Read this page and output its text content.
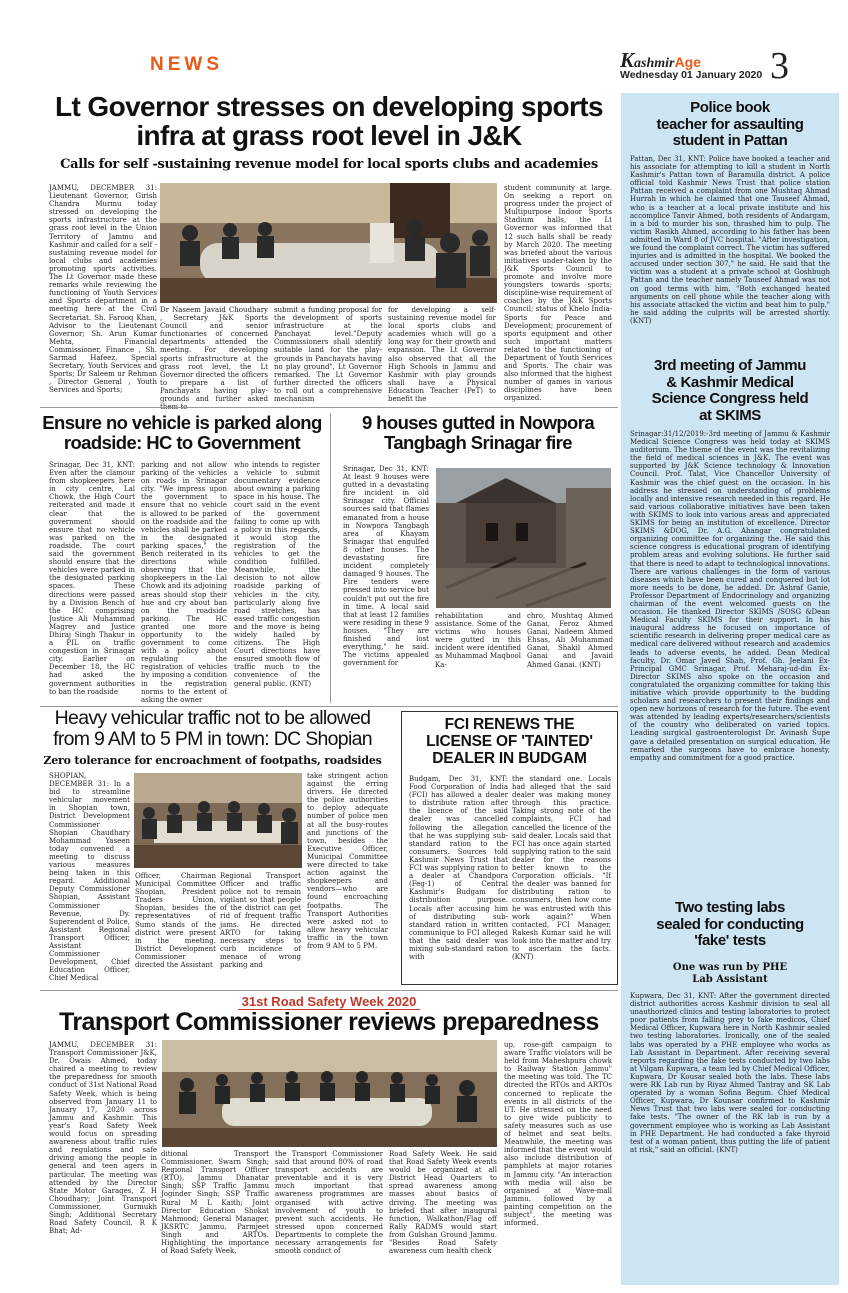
NEWS	KashmirAge
Wednesday 01 January 2020 3
Lt Governor stresses on developing sports
infra at grass root level in J&K
Calls for self -sustaining revenue model for local sports clubs and academies
JAMMU, DECEMBER 31: Lieutenant Governor, Girish Chandra Murmu today stressed on developing the sports infrastructure at the grass root level in the Union Territory of Jammu and Kashmir and called for a self -sustaining revenue model for local clubs and academies promoting sports activities. The Lt Governor made these remarks while reviewing the functioning of Youth Services and Sports department in a meeting here at the Civil Secretariat. Sh. Farooq Khan, Advisor to the Lieutenant Governor; Sh. Arun Kumar Mehta, Financial Commissioner, Finance , Sh. Sarmad Hafeez, Special Secretary, Youth Services and Sports; Dr Saleem ur Rehman , Director General , Youth Services and Sports;
Dr Naseem Javaid Choudhary , Secretary J&K Sports Council and senior functionaries of concerned departments attended the meeting. For developing sports infrastructure at the grass root level, the Lt Governor directed the officers to prepare a list of Panchayats having play-grounds and further asked
submit a funding proposal for the development of sports infrastructure at the Panchayat level."Deputy Commissioners shall identify suitable land for the play-grounds in Panchayats having no play ground", Lt Governor remarked. The Lt Governor further directed the officers to roll out a comprehensive mechanism
for developing a self-sustaining revenue model for local sports clubs and academies which will go a long way for their growth and expansion. The Lt Governor also observed that all the High Schools in Jammu and Kashmir with play grounds shall have a Physical Education Teacher (PeT) to benefit the
student community at large. On seeking a report on progress under the project of Multipurpose Indoor Sports Stadium halls, the Lt Governor was informed that 12 such halls shall be ready by March 2020. The meeting was briefed about the various initiatives under-taken by the J&K Sports Council to promote and involve more youngsters towards sports; discipline-wise requirement of coaches by the J&K Sports Council; status of Khelo India- Sports for Peace and Development; procurement of sports equipment and other such important matters related to the functioning of Department of Youth Services and Sports. The chair was also informed that the highest number of games in various disciplines have been organized.
Ensure no vehicle is parked along
roadside: HC to Government
Srinagar, Dec 31, KNT: Even after the clamour from shopkeepers here in city centre, Lal Chowk, the High Court reiterated and made it clear that the government should ensure that no vehicle was parked on the roadside. The court said the government should ensure that the vehicles were parked in the designated parking spaces. These directions were passed by a Division Bench of the HC comprising Justice Ali Muhammad Magrey and Justice Dhiraj Singh Thakur in a PIL on traffic congestion in Srinagar city. Earlier on December 18, the HC had asked the government authorities to ban the roadside
parking and not allow parking of the vehicles on roads in Srinagar city. "We impress upon the government to ensure that no vehicle is allowed to be parked on the roadside and the vehicles shall be parked in the designated parking spaces," the Bench reiterated in its directions while observing that the shopkeepers in the Lal Chowk and its adjoining areas should stop their hue and cry about ban on the roadside parking. The HC granted one more opportunity to the government to come with a policy about regulating the registration of vehicles by imposing a condition in the registration norms to the extent of asking the owner
who intends to register a vehicle to submit documentary evidence about owning a parking space in his house. The court said in the event of the government failing to come up with a policy in this regards, it would stop the registration of the vehicles to get the condition fulfilled. Meanwhile, the decision to not allow roadside parking of vehicles in the city, particularly along five road stretches, has eased traffic congestion and the move is being widely hailed by citizens. The High Court directions have ensured smooth flow of traffic much to the convenience of the general public. (KNT)
9 houses gutted in Nowpora
Tangbagh Srinagar fire
Srinagar, Dec 31, KNT: At least 9 houses were gutted in a devastating fire incident in old Srinagar city. Official sources said that flames emanated from a house in Nowpora Tangbagh area of Khayam Srinagar that engulfed 8 other houses. The devastating fire incident completely damaged 9 houses. The Fire tenders were pressed into service but couldn't put out the fire in time. A local said that at least 12 families were residing in these 9 houses. "They are finished and lost everything," he said. The victims appealed government for
rehabilitation and assistance. Some of the victims who houses were gutted in this incident were identified as Muhammad Maqbool Ka-
chro, Mushtaq Ahmed Ganai, Feroz Ahmed Ganai, Nadeem Ahmed Ehsas, Ali Muhammad Ganai, Shakil Ahmed Ganai and Javaid Ahmed Ganai. (KNT)
Heavy vehicular traffic not to be allowed
from 9 AM to 5 PM in town: DC Shopian
Zero tolerance for encroachment of footpaths, roadsides
SHOPIAN, DECEMBER 31: In a bid to streamline vehicular movement in Shopian town, District Development Commissioner Shopian Chaudhary Mohammad Yaseen today convened a meeting to discuss various measures being taken in this regard. Additional Deputy Commissioner Shopian, Assistant Commissioner Revenue, Dy. Superendent of Police, Assistant Regional Transport Officer, Assistant Commissioner Development, Chief Education Officer, Chief Medical
Officer, Chairman Municipal Committee Shopian, President Traders Union, Shopian, besides the representatives of Sumo stands of the district were present in the meeting. District Development Commissioner directed the Assistant
Regional Transport Officer and traffic police not to remain vigilant so that people of the district can get rid of frequent traffic jams. He directed ARTO for taking necessary steps to curb incidence of menace of wrong parking and
take stringent action against the erring drivers. He directed the police authorities to deploy adequate number of police men at all the busy-routes and junctions of the town, besides the Executive Officer, Municipal Committee were directed to take action against the shopkeepers and vendors—who are found encroaching footpaths. The Transport Authorities were asked not to allow heavy vehicular traffic in the town from 9 AM to 5 PM.
FCI RENEWS THE
LICENSE OF 'TAINTED'
DEALER IN BUDGAM
Budgam, Dec 31, KNT: Food Corporation of India (FCI) has allowed a dealer to distribute ration after the licence of the said dealer was cancelled following the allegation that he was supplying sub-standard ration to the consumers. Sources told Kashmir News Trust that FCI was supplying ration to a dealer at Chandpora (Feg-1) of Central Kashmir's Budgam for distribution purpose. Locals after accusing him of distributing sub-standard ration in written communique to FCI alleged that the said dealer was mixing sub-standard ration with
the standard one. Locals had alleged that the said dealer was making money through this practice. Taking strong note of the complaints, FCI had cancelled the licence of the said dealer. Locals said that FCI has once again started supplying ration to the said dealer for the reasons better known to the Corporation officials. "If the dealer was banned for distributing ration to consumers, then how come he was entrusted with this work again?" When contacted, FCI Manager, Rakesh Kumar said he will look into the matter and try to ascertain the facts. (KNT)
31st Road Safety Week 2020
Transport Commissioner reviews preparedness
JAMMU, DECEMBER 31: Transport Commissioner J&K, Dr. Owais Ahmed, today chaired a meeting to review the preparedness for smooth conduct of 31st National Road Safety Week, which is being observed from January 11 to January 17, 2020 across Jammu and Kashmir. This year's Road Safety Week would focus on spreading awareness about traffic rules and regulations and safe driving among the people in general and teen agers in particular. The meeting was attended by the Director State Motor Garages, Z H Choudhary; Joint Transport Commissioner, Gurmukh Singh; Additional Secretary Road Safety Council, R K Bhat; Ad-
ditional Transport Commissioner, Swarn Singh; Regional Transport Officer (RTO), Jammu Dhanatar Singh; SSP Traffic Jammu Joginder Singh; SSP Traffic Rural M L Kaith; Joint Director Education Shokat Mahmood; General Manager, JKSRTC Jammu, Parmjeet Singh and ARTOs. Highlighting the importance of Road Safety Week,
the Transport Commissioner said that around 80% of road transport accidents are preventable and it is very much important that awareness programmes are organised with active involvement of youth to prevent such accidents. He stressed upon concerned Departments to complete the necessary arrangements for smooth conduct of
Road Safety Week. He said that Road Safety Week events would be organized at all District Head Quarters to spread awareness among masses about basics of driving. The meeting was briefed that after inaugural function, Walkathon/Flag off Rally RADMS would start from Gulshan Ground Jammu. "Besides Road Safety awareness cum health check
up, rose-gift campaign to aware Traffic violators will be held from Maheshpura chowk to Railway Station Jammu" the meeting was told. The TC directed the RTOs and ARTOs concerned to replicate the events in all districts of the UT. He stressed on the need to give wide publicity to safety measures such as use of helmet and seat belts. Meanwhile, the meeting was informed that the event would also include distribution of pamphlets at major rotaries in Jammu city. "An interaction with media will also be organised at Wave-mall Jammu, followed by a painting competition on the subject", the meeting was informed.
Police book
teacher for assaulting
student in Pattan
Pattan, Dec 31, KNT: Police have booked a teacher and his associate for attempting to kill a student in North Kashmir's Pattan town of Baramulla district. A police official told Kashmir News Trust that police station Pattan received a complaint from one Mushtaq Ahmad Hurrah in which he claimed that one Tauseef Ahmad, who is a teacher at a local private institute and his accomplice Tanvir Ahmed, both residents of Andargam, in a bid to murder his son, thrashed him to pulp. The victim Rasikh Ahmed, according to his father has been admitted in Ward 8 of JVC hospital. "After investigation, we found the complaint correct. The victim has suffered injuries and is admitted in the hospital. We booked the accused under section 307," he said. He said that the victim was a student at a private school at Goshbugh Pattan and the teacher namely Tauseef Ahmad was not on good terms with him. "Both exchanged heated arguments on cell phone while the teacher along with his associate attacked the victim and beat him to pulp," he said adding the culprits will be arrested shortly. (KNT)
3rd meeting of Jammu
& Kashmir Medical
Science Congress held
at SKIMS
Srinagar:31/12/2019:-3rd meeting of Jammu & Kashmir Medical Science Congress was held today at SKIMS auditorium. The theme of the event was the revitalizing the field of medical sciences in J&K. The event was supported by J&K Science technology & Innovation Council. Prof. Talat, Vice Chancellor University of Kashmir was the chief guest on the occasion. In his address he stressed on understanding of problems locally and intensive research needed in this regard. He said various collaborative initiatives have been taken with SKIMS to look into various areas and appreciated SKIMS for being an institution of excellence. Director SKIMS &DOG, Dr. A.G. Ahangar congratulated organizing committee for organizing the. He said this science congress is educational program of identifying problem areas and evolving solutions. He further said that there is need to adapt to technological innovations. There are various challenges in the form of various diseases which have been cured and conquered but lot more needs to be done, he added. Dr. Ashraf Ganie, Professor Department of Endocrinology and organizing chairman of the event welcomed guests on the occasion. He thanked Director SKIMS /SOSG &Dean Medical Faculty SKIMS for their support. In his inaugural address he focused on importance of scientific research in delivering proper medical care as medical care delivered without research and academics leads to adverse events, he added. Dean Medical faculty, Dr. Omar Javed Shah, Prof. Gh. Jeelani Ex-Principal GMC Srinagar, Prof. Meharaj-ud-din Ex-Director SKIMS also spoke on the occasion and congratulated the organizing committee for taking this initiative which provide opportunity to the budding scholars and researchers to present their findings and open new horizons of research for the future. The event was attended by leading experts/researchers/scientists of the country who deliberated on varied topics. Leading surgical gastroenterologist Dr. Avinash Supe gave a detailed presentation on surgical education. He remarked the surgeons have to embrace honesty, empathy and commitment for a good practice.
Two testing labs
sealed for conducting
'fake' tests
One was run by PHE
Lab Assistant
Kupwara, Dec 31, KNT: After the government directed district authorities across Kashmir division to seal all unauthorized clinics and testing laboratories to protect poor patients from falling prey to fake medicos, Chief Medical Officer, Kupwara here in North Kashmir sealed two testing laboratories. Ironically, one of the sealed labs was operated by a PHE employee who works as Lab Assistant in Department. After receiving several reports regarding the fake tests conducted by two labs at Vilgam Kupwara, a team led by Chief Medical Officer, Kupwara, Dr Kousar sealed both the labs. These labs were RK Lab run by Riyaz Ahmed Tantray and SK Lab operated by a woman Sofina Begum. Chief Medical Officer, Kupwara, Dr Kounsar confirmed to Kashmir News Trust that two labs were sealed for conducting fake tests. "The owner of the RK lab is run by a government employee who is working as Lab Assistant in PHE Department. He had conducted a fake thyroid test of a woman patient, thus putting the life of patient at risk," said an official. (KNT)
